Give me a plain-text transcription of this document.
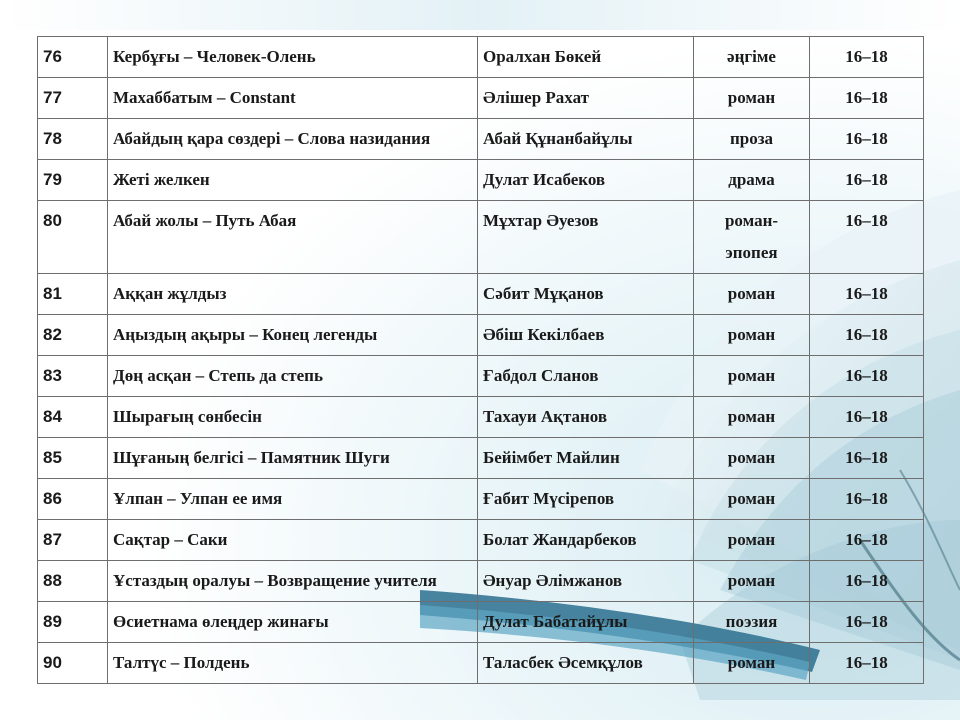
76	Кербұғы – Человек-Олень	Оралхан Бөкей	әңгіме	16–18
77	Махаббатым – Constant	Әлішер Рахат	роман	16–18
78	Абайдың қара сөздері – Слова назидания	Абай Құнанбайұлы	проза	16–18
79	Жеті желкен	Дулат Исабеков	драма	16–18
80	Абай жолы – Путь Абая	Мұхтар Әуезов	роман-эпопея	16–18
81	Аққан жұлдыз	Сәбит Мұқанов	роман	16–18
82	Аңыздың ақыры – Конец легенды	Әбіш Кекілбаев	роман	16–18
83	Дөң асқан – Степь да степь	Ғабдол Сланов	роман	16–18
84	Шырағың сөнбесін	Тахауи Ақтанов	роман	16–18
85	Шұғаның белгісі – Памятник Шуги	Бейімбет Майлин	роман	16–18
86	Ұлпан – Улпан ее имя	Ғабит Мүсірепов	роман	16–18
87	Сақтар – Саки	Болат Жандарбеков	роман	16–18
88	Ұстаздың оралуы – Возвращение учителя	Әнуар Әлімжанов	роман	16–18
89	Өсиетнама өлеңдер жинағы	Дулат Бабатайұлы	поэзия	16–18
90	Талтүс – Полдень	Таласбек Әсемқұлов	роман	16–18
